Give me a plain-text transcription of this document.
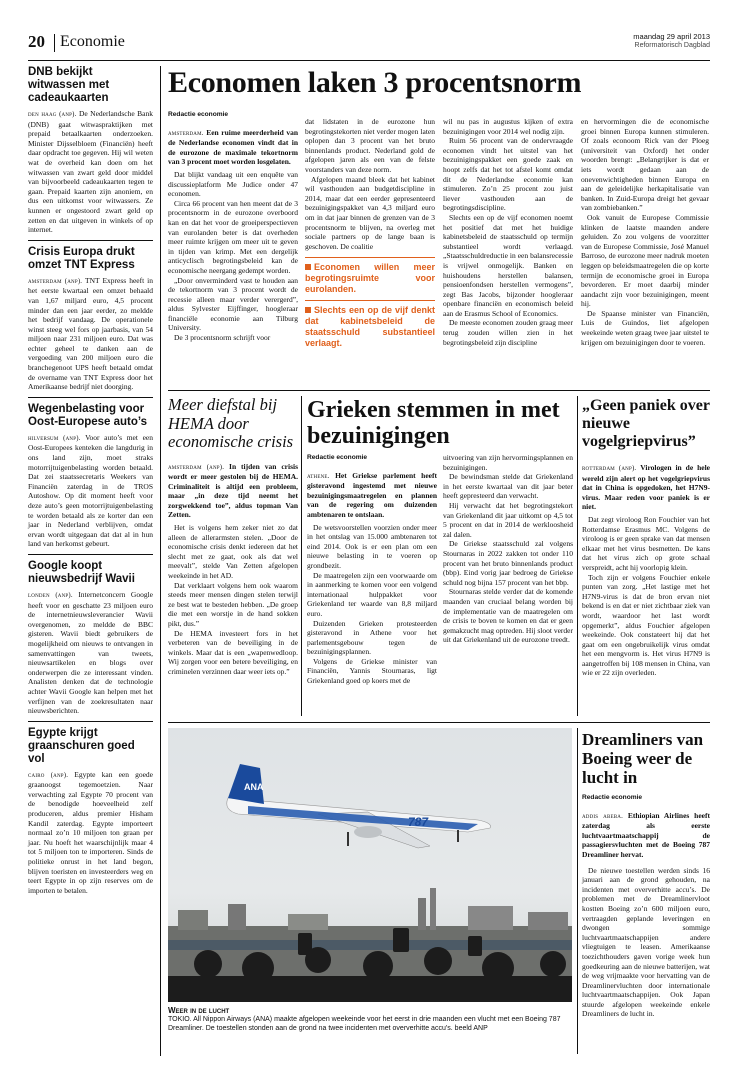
20 Economie	maandag 29 april 2013
Reformatorisch Dagblad
DNB bekijkt witwassen met cadeaukaarten
den haag (anp). De Nederlandsche Bank (DNB) gaat witwaspraktijken met prepaid betaalkaarten onderzoeken. Minister Dijsselbloem (Financiën) heeft daar opdracht toe gegeven. Hij wil weten wat de overheid kan doen om het witwassen van zwart geld door middel van bijvoorbeeld cadeaukaarten tegen te gaan. Prepaid kaarten zijn anoniem, en dus een uitkomst voor witwassers. Ze kunnen er ongestoord zwart geld op zetten en dat uitgeven in winkels of op internet.
Crisis Europa drukt omzet TNT Express
amsterdam (anp). TNT Express heeft in het eerste kwartaal een omzet behaald van 1,67 miljard euro, 4,5 procent minder dan een jaar eerder, zo meldde het bedrijf vandaag. De operationele winst steeg wel fors op jaarbasis, van 54 miljoen naar 231 miljoen euro. Dat was echter geheel te danken aan de vergoeding van 200 miljoen euro die branchegenoot UPS heeft betaald omdat de overname van TNT Express door het Amerikaanse bedrijf niet doorging.
Wegenbelasting voor Oost-Europese auto’s
hilversum (anp). Voor auto’s met een Oost-Europees kenteken die langdurig in ons land zijn, moet straks motorrijtuigenbelasting worden betaald. Dat zei staatssecretaris Weekers van Financiën zaterdag in de TROS Autoshow. Op dit moment heeft voor deze auto’s geen motorrijtuigenbelasting te worden betaald als ze korter dan een jaar in Nederland verblijven, omdat ervan wordt uitgegaan dat dat al in hun land van herkomst gebeurt.
Google koopt nieuwsbedrijf Wavii
londen (anp). Internetconcern Google heeft voor en geschatte 23 miljoen euro de internetnieuwsleverancier Wavii overgenomen, zo meldde de BBC gisteren. Wavii biedt gebruikers de mogelijkheid om nieuws te ontvangen in samenvattingen van tweets, nieuwsartikelen en blogs over onderwerpen die ze interessant vinden. Analisten denken dat de technologie achter Wavii Google kan helpen met het verfijnen van de zoekresultaten naar nieuwsberichten.
Egypte krijgt graanschuren goed vol
cairo (anp). Egypte kan een goede graanoogst tegemoetzien. Naar verwachting zal Egypte 70 procent van de benodigde hoeveelheid zelf produceren, aldus premier Hisham Kandil zaterdag. Egypte importeert normaal zo’n 10 miljoen ton graan per jaar. Nu hoeft het waarschijnlijk maar 4 tot 5 miljoen ton te importeren. Sinds de politieke onrust in het land begon, blijven toeristen en investeerders weg en teert Egypte in op zijn reserves om de importen te betalen.
Economen laken 3 procentsnorm
Redactie economie

amsterdam. Een ruime meerderheid van de Nederlandse economen vindt dat in de eurozone de maximale tekortnorm van 3 procent moet worden losgelaten.

Dat blijkt vandaag uit een enquête van discussieplatform Me Judice onder 47 economen.

Circa 66 procent van hen meent dat de 3 procentsnorm in de eurozone overboord kan en dat het voor de groeiperspectieven van eurolanden beter is dat overheden meer ruimte krijgen om meer uit te geven in tijden van krimp. Met een dergelijk anticyclisch begrotingsbeleid kan de economische neergang gedempt worden.

„Door onverminderd vast te houden aan de tekortnorm van 3 procent wordt de recessie alleen maar verder verergerd”, aldus Sylvester Eijffinger, hoogleraar financiële economie aan Tilburg University.

De 3 procentsnorm schrijft voor

dat lidstaten in de eurozone hun begrotingstekorten niet verder mogen laten oplopen dan 3 procent van het bruto binnenlands product. Nederland gold de afgelopen jaren als een van de felste voorstanders van deze norm.

Afgelopen maand bleek dat het kabinet wil vasthouden aan budgetdiscipline in 2014, maar dat een eerder gepresenteerd bezuinigingspakket van 4,3 miljard euro om in dat jaar binnen de grenzen van de 3 procentsnorm te blijven, na overleg met sociale partners op de lange baan is geschoven. De coalitie

Economen willen meer begrotingsruimte voor eurolanden.
Slechts een op de vijf denkt dat kabinetsbeleid de staatsschuld substantieel verlaagt.

wil nu pas in augustus kijken of extra bezuinigingen voor 2014 wel nodig zijn.

Ruim 56 procent van de ondervraagde economen vindt het uitstel van het bezuinigingspakket een goede zaak en hoopt zelfs dat het tot afstel komt omdat dit de Nederlandse economie kan stimuleren. Zo’n 25 procent zou juist liever vasthouden aan de begrotingsdiscipline.

Slechts een op de vijf economen noemt het positief dat met het huidige kabinetsbeleid de staatsschuld op termijn substantieel wordt verlaagd. „Staatsschuldreductie in een balansrecessie is vrijwel onmogelijk. Banken en huishoudens herstellen balansen, pensioenfondsen herstellen vermogens”, zegt Bas Jacobs, bijzonder hoogleraar openbare financiën en economisch beleid aan de Erasmus School of Economics.

De meeste economen zouden graag meer terug zouden willen zien in het begrotingsbeleid zijn discipline

en hervormingen die de economische groei binnen Europa kunnen stimuleren. Of zoals econoom Rick van der Ploeg (universiteit van Oxford) het onder woorden brengt: „Belangrijker is dat er iets wordt gedaan aan de onevenwichtigheden binnen Europa en aan de geleidelijke herkapitalisatie van banken. In Zuid-Europa dreigt het gevaar van zombiebanken.”

Ook vanuit de Europese Commissie klinken de laatste maanden andere geluiden. Zo zou volgens de voorzitter van de Europese Commissie, José Manuel Barroso, de eurozone meer nadruk moeten leggen op beleidsmaatregelen die op korte termijn de economische groei in Europa bevorderen. Er moet daarbij minder aandacht zijn voor bezuinigingen, meent hij.

De Spaanse minister van Financiën, Luis de Guindos, liet afgelopen weekeinde weten graag twee jaar uitstel te krijgen om bezuinigingen door te voeren.

Meer diefstal bij HEMA door economische crisis

amsterdam (anp). In tijden van crisis wordt er meer gestolen bij de HEMA. Criminaliteit is altijd een probleem, maar „in deze tijd neemt het zorgwekkend toe”, aldus topman Van Zetten.

Het is volgens hem zeker niet zo dat alleen de allerarmsten stelen. „Door de economische crisis denkt iedereen dat het slecht met ze gaat, ook als dat wel meevalt”, stelde Van Zetten afgelopen weekeinde in het AD.

Dat verklaart volgens hem ook waarom steeds meer mensen dingen stelen terwijl ze best wat te besteden hebben. „De groep die met een worstje in de hand sokken pikt, dus.”

De HEMA investeert fors in het verbeteren van de beveiliging in de winkels. Maar dat is een „wapenwedloop. Wij zorgen voor een betere beveiliging, en criminelen verzinnen daar weer iets op.”

Grieken stemmen in met bezuinigingen
Redactie economie

athene. Het Griekse parlement heeft gisteravond ingestemd met nieuwe bezuinigingsmaatregelen en plannen van de regering om duizenden ambtenaren te ontslaan.

De wetsvoorstellen voorzien onder meer in het ontslag van 15.000 ambtenaren tot eind 2014. Ook is er een plan om een nieuwe belasting in te voeren op grondbezit.

De maatregelen zijn een voorwaarde om in aanmerking te komen voor een volgend internationaal hulppakket voor Griekenland ter waarde van 8,8 miljard euro.

Duizenden Grieken protesteerden gisteravond in Athene voor het parlementsgebouw tegen de bezuinigingsplannen.

Volgens de Griekse minister van Financiën, Yannis Stournaras, ligt Griekenland goed op koers met de

uitvoering van zijn hervormingsplannen en bezuinigingen.

De bewindsman stelde dat Griekenland in het eerste kwartaal van dit jaar beter heeft gepresteerd dan verwacht.

Hij verwacht dat het begrotingstekort van Griekenland dit jaar uitkomt op 4,5 tot 5 procent en dat in 2014 de werkloosheid zal dalen.

De Griekse staatsschuld zal volgens Stournaras in 2022 zakken tot onder 110 procent van het bruto binnenlands product (bbp). Eind vorig jaar bedroeg de Griekse schuld nog bijna 157 procent van het bbp.

Stournaras stelde verder dat de komende maanden van cruciaal belang worden bij de implementatie van de maatregelen om de crisis te boven te komen en dat er geen gemakzucht mag optreden. Hij sloot verder uit dat Griekenland uit de eurozone treedt.

„Geen paniek over nieuwe vogelgriepvirus”

rotterdam (anp). Virologen in de hele wereld zijn alert op het vogelgriepvirus dat in China is opgedoken, het H7N9-virus. Maar reden voor paniek is er niet.

Dat zegt viroloog Ron Fouchier van het Rotterdamse Erasmus MC. Volgens de viroloog is er geen sprake van dat mensen elkaar met het virus besmetten. De kans dat het virus zich op grote schaal verspreidt, acht hij voorlopig klein.

Toch zijn er volgens Fouchier enkele punten van zorg. „Het lastige met het H7N9-virus is dat de bron ervan niet bekend is en dat er niet zichtbaar ziek van wordt, waardoor het last wordt opgemerkt”, aldus Fouchier afgelopen weekeinde. Ook constateert hij dat het gaat om een ongebruikelijk virus omdat het een mengvorm is. Het virus H7N9 is aangetroffen bij 108 mensen in China, van wie er 22 zijn overleden.

ANA
787
Weer in de lucht
TOKIO. All Nippon Airways (ANA) maakte afgelopen weekeinde voor het eerst in drie maanden een vlucht met een Boeing 787 Dreamliner. De toestellen stonden aan de grond na twee incidenten met oververhitte accu’s. beeld ANP
Dreamliners van Boeing weer de lucht in
Redactie economie

addis abeba. Ethiopian Airlines heeft zaterdag als eerste luchtvaartmaatschappij de passagiersvluchten met de Boeing 787 Dreamliner hervat.

De nieuwe toestellen werden sinds 16 januari aan de grond gehouden, na incidenten met oververhitte accu’s. De problemen met de Dreamlinervloot kostten Boeing zo’n 600 miljoen euro, vertraagden geplande leveringen en dwongen sommige luchtvaartmaatschappijen andere vliegtuigen te leasen. Amerikaanse toezichthouders gaven vorige week hun goedkeuring aan de nieuwe batterijen, wat de weg vrijmaakte voor hervatting van de Dreamlinervluchten door internationale luchtvaartmaatschappijen. Ook Japan stuurde afgelopen weekeinde enkele Dreamliners de lucht in.
